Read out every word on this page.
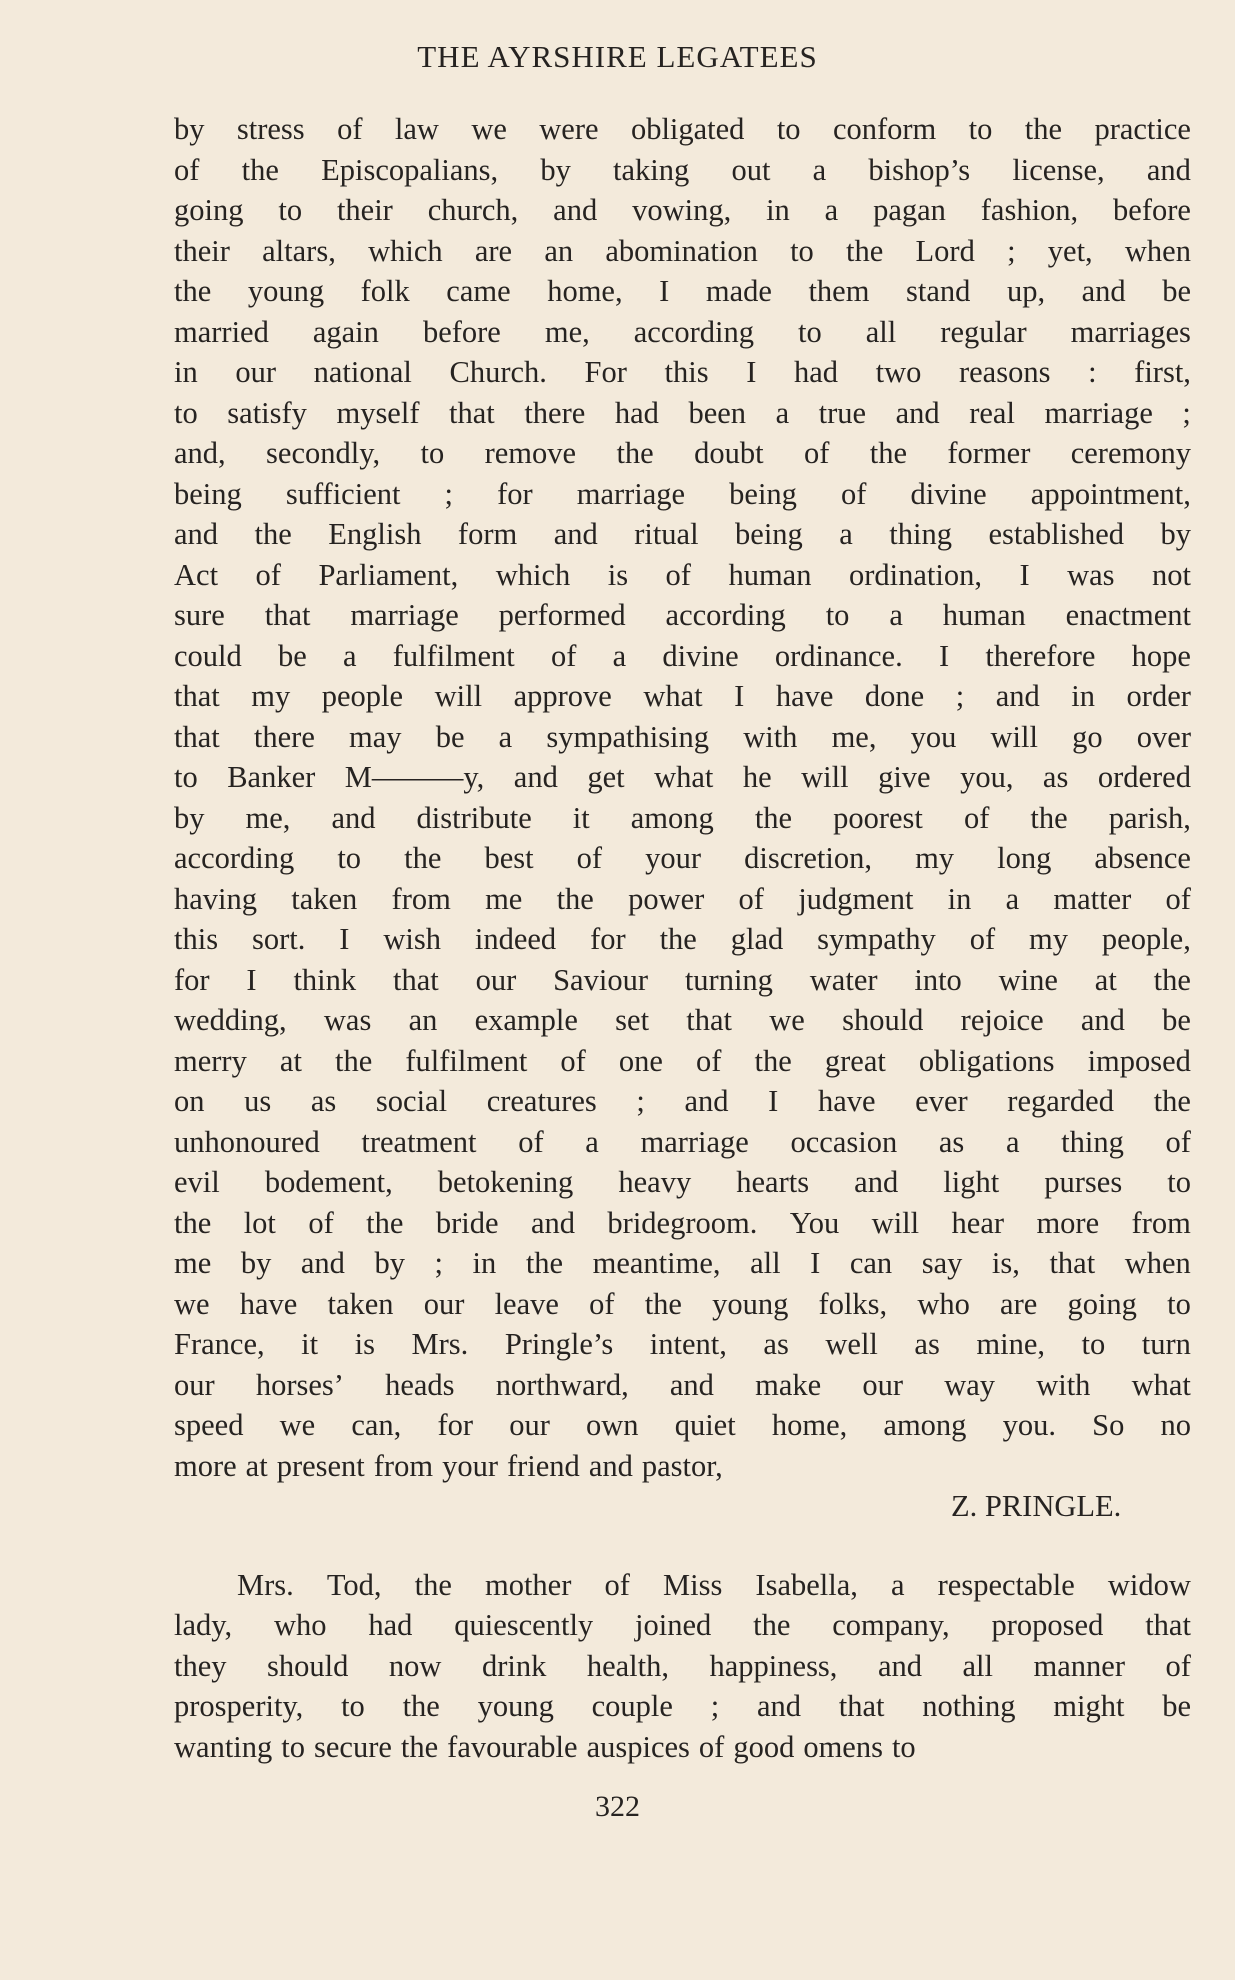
THE AYRSHIRE LEGATEES
by stress of law we were obligated to conform to the practice
of the Episcopalians, by taking out a bishop’s license, and
going to their church, and vowing, in a pagan fashion, before
their altars, which are an abomination to the Lord ; yet, when
the young folk came home, I made them stand up, and be
married again before me, according to all regular marriages
in our national Church. For this I had two reasons : first,
to satisfy myself that there had been a true and real marriage ;
and, secondly, to remove the doubt of the former ceremony
being sufficient ; for marriage being of divine appointment,
and the English form and ritual being a thing established by
Act of Parliament, which is of human ordination, I was not
sure that marriage performed according to a human enactment
could be a fulfilment of a divine ordinance. I therefore hope
that my people will approve what I have done ; and in order
that there may be a sympathising with me, you will go over
to Banker M———y, and get what he will give you, as ordered
by me, and distribute it among the poorest of the parish,
according to the best of your discretion, my long absence
having taken from me the power of judgment in a matter of
this sort. I wish indeed for the glad sympathy of my people,
for I think that our Saviour turning water into wine at the
wedding, was an example set that we should rejoice and be
merry at the fulfilment of one of the great obligations imposed
on us as social creatures ; and I have ever regarded the
unhonoured treatment of a marriage occasion as a thing of
evil bodement, betokening heavy hearts and light purses to
the lot of the bride and bridegroom. You will hear more from
me by and by ; in the meantime, all I can say is, that when
we have taken our leave of the young folks, who are going to
France, it is Mrs. Pringle’s intent, as well as mine, to turn
our horses’ heads northward, and make our way with what
speed we can, for our own quiet home, among you. So no
more at present from your friend and pastor,
Z. PRINGLE.
Mrs. Tod, the mother of Miss Isabella, a respectable widow
lady, who had quiescently joined the company, proposed that
they should now drink health, happiness, and all manner of
prosperity, to the young couple ; and that nothing might be
wanting to secure the favourable auspices of good omens to
322
